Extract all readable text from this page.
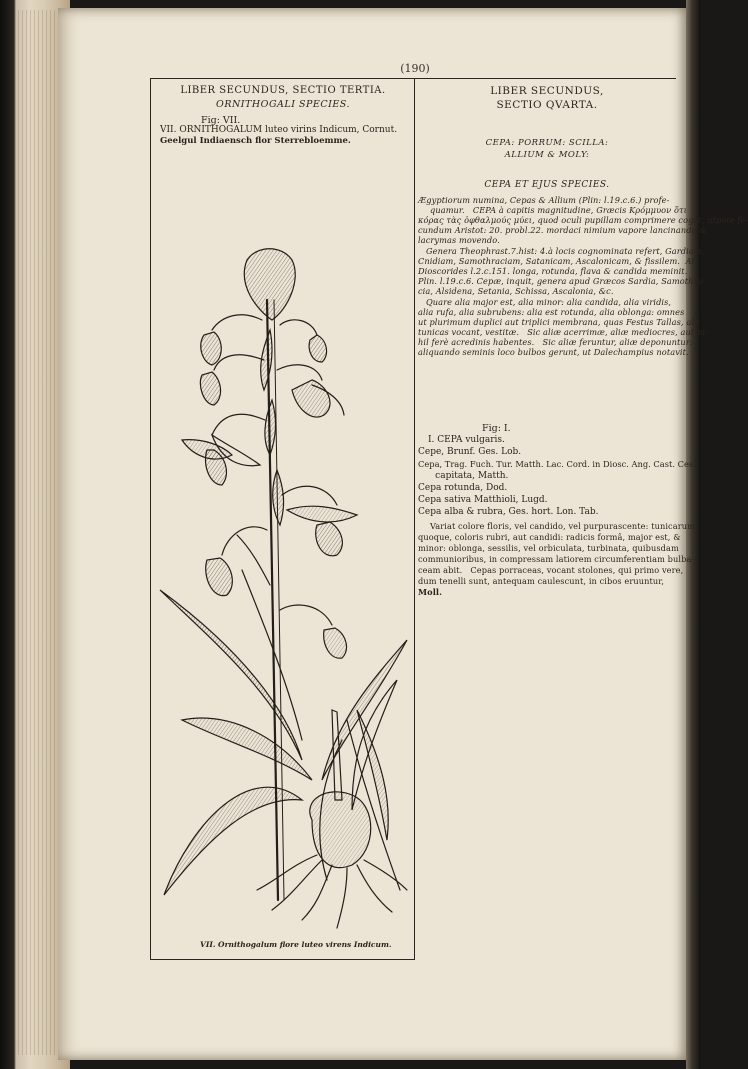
(190)
LIBER SECUNDUS, SECTIO TERTIA.
ORNITHOGALI SPECIES.
Fig: VII.
VII. ORNITHOGALUM luteo virins Indicum, Cornut.
Geelgul Indiaensch flor Sterrebloemme.
VII. Ornithogalum flore luteo virens Indicum.
LIBER SECUNDUS,
SECTIO QVARTA.
CEPA: PORRUM: SCILLA:
ALLIUM & MOLY:
CEPA ET EJUS SPECIES.
Ægyptiorum numina, Cepas & Allium (Plin: l.19.c.6.) profe-
quamur.   CEPA à capitis magnitudine, Græcis Κρόμμυον ὅτι
κόρας τὰς ὀφθαλμούς μύει, quod oculi pupillam comprimere cogat, utpote fe-
cundum Aristot: 20. probl.22. mordaci nimium vapore lancinando &
lacrymas movendo.
Genera Theophrast.7.hist: 4.à locis cognominata refert, Gardiam,
Cnidiam, Samothraciam, Satanicam, Ascalonicam, & fissilem.  At
Dioscorides l.2.c.151. longa, rotunda, flava & candida meminit.
Plin. l.19.c.6. Cepæ, inquit, genera apud Græcos Sardia, Samothra-
cia, Alsidena, Setania, Schissa, Ascalonia, &c.
Quare alia major est, alia minor: alia candida, alia viridis,
alia rufa, alia subrubens: alia est rotunda, alia oblonga: omnes
ut plurimum duplici aut triplici membrana, quas Festus Tallas, alii
tunicas vocant, vestitæ.   Sic aliæ acerrimæ, aliæ mediocres, aut ni-
hil ferè acredinis habentes.   Sic aliæ feruntur, aliæ deponuntur:
aliquando seminis loco bulbos gerunt, ut Dalechampius notavit.
Fig: I.
I. CEPA vulgaris.
Cepe, Brunf. Ges. Lob.
Cepa, Trag. Fuch. Tur. Matth. Lac. Cord. in Diosc. Ang. Cast. Ces.
capitata, Matth.
Cepa rotunda, Dod.
Cepa sativa Matthioli, Lugd.
Cepa alba & rubra, Ges. hort. Lon. Tab.
Variat colore floris, vel candido, vel purpurascente: tunicarum
quoque, coloris rubri, aut candidi: radicis formâ, major est, &
minor: oblonga, sessilis, vel orbiculata, turbinata, quibusdam
communioribus, in compressam latiorem circumferentiam bulba-
ceam abit.   Cepas porraceas, vocant stolones, qui primo vere,
dum tenelli sunt, antequam caulescunt, in cibos eruuntur,
Moll.
